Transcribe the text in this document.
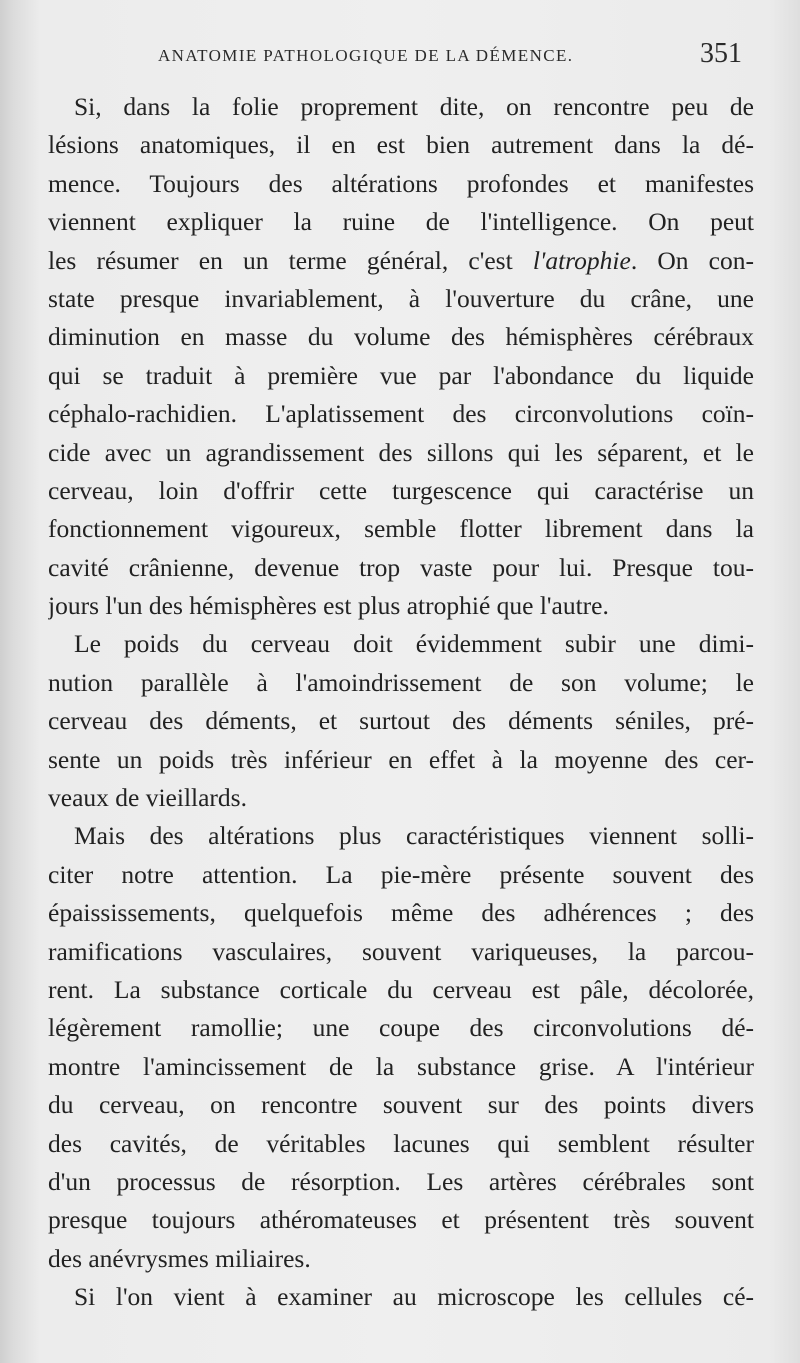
ANATOMIE PATHOLOGIQUE DE LA DÉMENCE.	351
Si, dans la folie proprement dite, on rencontre peu de
lésions anatomiques, il en est bien autrement dans la dé-
mence. Toujours des altérations profondes et manifestes
viennent expliquer la ruine de l'intelligence. On peut
les résumer en un terme général, c'est l'atrophie. On con-
state presque invariablement, à l'ouverture du crâne, une
diminution en masse du volume des hémisphères cérébraux
qui se traduit à première vue par l'abondance du liquide
céphalo-rachidien. L'aplatissement des circonvolutions coïn-
cide avec un agrandissement des sillons qui les séparent, et le
cerveau, loin d'offrir cette turgescence qui caractérise un
fonctionnement vigoureux, semble flotter librement dans la
cavité crânienne, devenue trop vaste pour lui. Presque tou-
jours l'un des hémisphères est plus atrophié que l'autre.
Le poids du cerveau doit évidemment subir une dimi-
nution parallèle à l'amoindrissement de son volume; le
cerveau des déments, et surtout des déments séniles, pré-
sente un poids très inférieur en effet à la moyenne des cer-
veaux de vieillards.
Mais des altérations plus caractéristiques viennent solli-
citer notre attention. La pie-mère présente souvent des
épaississements, quelquefois même des adhérences ; des
ramifications vasculaires, souvent variqueuses, la parcou-
rent. La substance corticale du cerveau est pâle, décolorée,
légèrement ramollie; une coupe des circonvolutions dé-
montre l'amincissement de la substance grise. A l'intérieur
du cerveau, on rencontre souvent sur des points divers
des cavités, de véritables lacunes qui semblent résulter
d'un processus de résorption. Les artères cérébrales sont
presque toujours athéromateuses et présentent très souvent
des anévrysmes miliaires.
Si l'on vient à examiner au microscope les cellules cé-
